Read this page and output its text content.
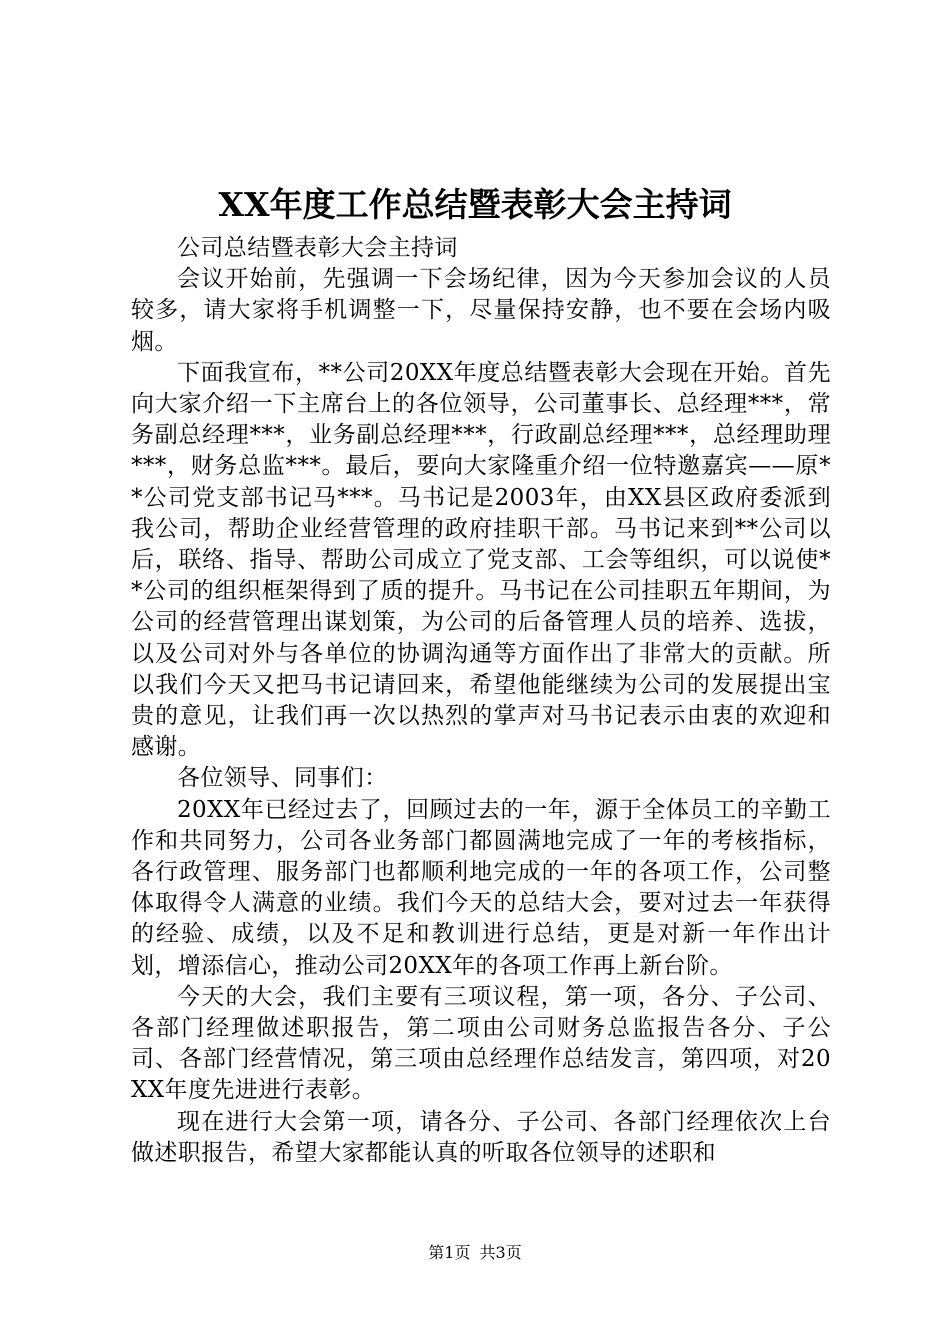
XX年度工作总结暨表彰大会主持词

公司总结暨表彰大会主持词

会议开始前，先强调一下会场纪律，因为今天参加会议的人员较多，请大家将手机调整一下，尽量保持安静，也不要在会场内吸烟。

下面我宣布，**公司20XX年度总结暨表彰大会现在开始。首先向大家介绍一下主席台上的各位领导，公司董事长、总经理***，常务副总经理***，业务副总经理***，行政副总经理***，总经理助理***，财务总监***。最后，要向大家隆重介绍一位特邀嘉宾——原**公司党支部书记马***。马书记是2003年，由XX县区政府委派到我公司，帮助企业经营管理的政府挂职干部。马书记来到**公司以后，联络、指导、帮助公司成立了党支部、工会等组织，可以说使**公司的组织框架得到了质的提升。马书记在公司挂职五年期间，为公司的经营管理出谋划策，为公司的后备管理人员的培养、选拔，以及公司对外与各单位的协调沟通等方面作出了非常大的贡献。所以我们今天又把马书记请回来，希望他能继续为公司的发展提出宝贵的意见，让我们再一次以热烈的掌声对马书记表示由衷的欢迎和感谢。

各位领导、同事们：

20XX年已经过去了，回顾过去的一年，源于全体员工的辛勤工作和共同努力，公司各业务部门都圆满地完成了一年的考核指标，各行政管理、服务部门也都顺利地完成的一年的各项工作，公司整体取得令人满意的业绩。我们今天的总结大会，要对过去一年获得的经验、成绩，以及不足和教训进行总结，更是对新一年作出计划，增添信心，推动公司20XX年的各项工作再上新台阶。

今天的大会，我们主要有三项议程，第一项，各分、子公司、各部门经理做述职报告，第二项由公司财务总监报告各分、子公司、各部门经营情况，第三项由总经理作总结发言，第四项，对20XX年度先进进行表彰。

现在进行大会第一项，请各分、子公司、各部门经理依次上台做述职报告，希望大家都能认真的听取各位领导的述职和

第1页 共3页
